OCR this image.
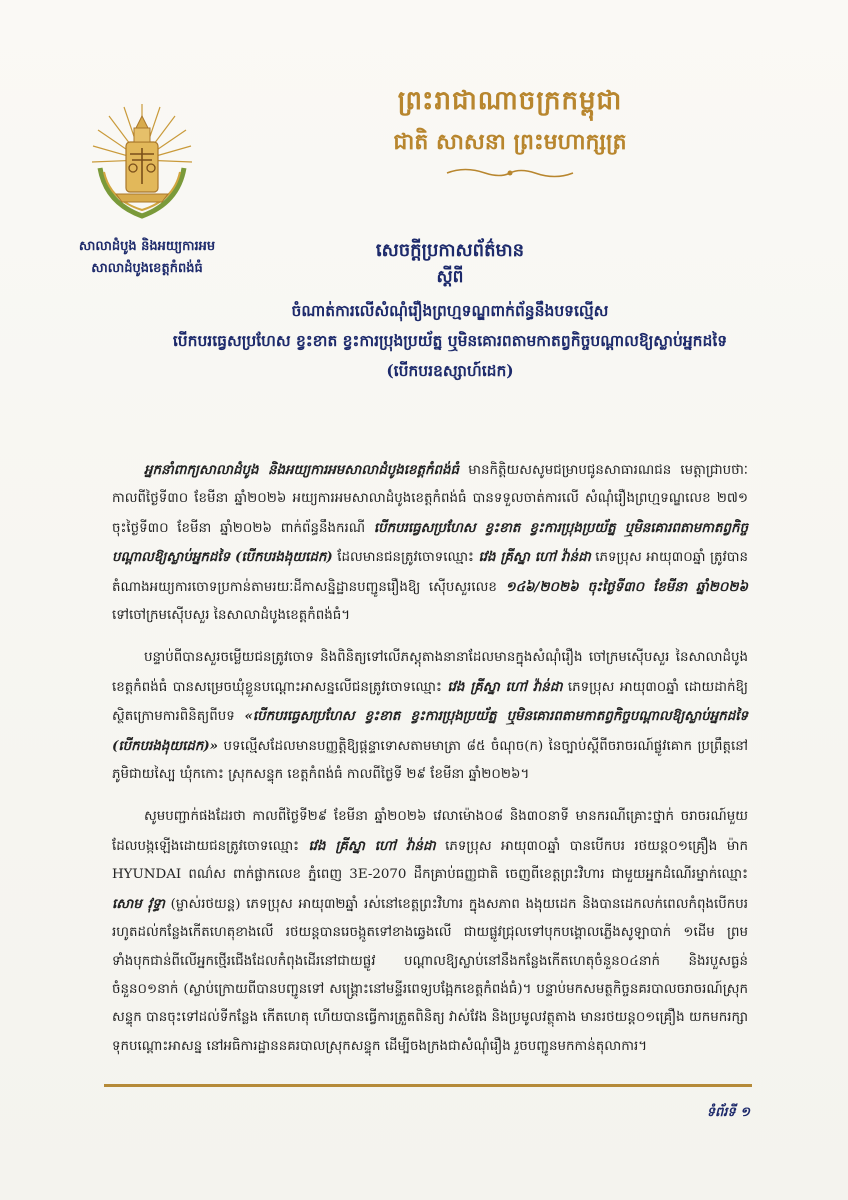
សាលាដំបូង និងអយ្យការអម
សាលាដំបូងខេត្តកំពង់ធំ
ព្រះរាជាណាចក្រកម្ពុជា
ជាតិ សាសនា ព្រះមហាក្សត្រ
សេចក្ដីប្រកាសព័ត៌មាន
ស្ដីពី
ចំណាត់ការលើសំណុំរឿងព្រហ្មទណ្ឌពាក់ព័ន្ធនឹងបទល្មើស
បើកបរធ្វេសប្រហែស ខ្វះខាត ខ្វះការប្រុងប្រយ័ត្ន ឬមិនគោរពតាមកាតព្វកិច្ចបណ្ដាលឱ្យស្លាប់អ្នកដទៃ
(បើកបរឧស្សាហ៍ដេក)

អ្នកនាំពាក្យសាលាដំបូង និងអយ្យការអមសាលាដំបូងខេត្តកំពង់ធំ មានកិត្តិយសសូមជម្រាបជូនសាធារណជន មេត្តាជ្រាបថាៈ កាលពីថ្ងៃទី៣០ ខែមីនា ឆ្នាំ២០២៦ អយ្យការអមសាលាដំបូងខេត្តកំពង់ធំ បានទទួលចាត់ការលើ សំណុំរឿងព្រហ្មទណ្ឌលេខ ២៧១ ចុះថ្ងៃទី៣០ ខែមីនា ឆ្នាំ២០២៦ ពាក់ព័ន្ធនឹងករណី បើកបរធ្វេសប្រហែស ខ្វះខាត ខ្វះការប្រុងប្រយ័ត្ន ឬមិនគោរពតាមកាតព្វកិច្ចបណ្ដាលឱ្យស្លាប់អ្នកដទៃ (បើកបរងងុយដេក) ដែលមានជនត្រូវចោទឈ្មោះ វេង គ្រីស្នា ហៅ វ៉ាន់ដា ភេទប្រុស អាយុ៣០ឆ្នាំ ត្រូវបានតំណាងអយ្យការចោទប្រកាន់តាមរយៈដីកាសន្និដ្ឋានបញ្ជូនរឿងឱ្យ ស៊ើបសួរលេខ ១៤៦/២០២៦ ចុះថ្ងៃទី៣០ ខែមីនា ឆ្នាំ២០២៦ ទៅចៅក្រមស៊ើបសួរ នៃសាលាដំបូងខេត្តកំពង់ធំ។

បន្ទាប់ពីបានសួរចម្លើយជនត្រូវចោទ និងពិនិត្យទៅលើភស្តុតាងនានាដែលមានក្នុងសំណុំរឿង ចៅក្រមស៊ើបសួរ នៃសាលាដំបូងខេត្តកំពង់ធំ បានសម្រេចឃុំខ្លួនបណ្ដោះអាសន្នលើជនត្រូវចោទឈ្មោះ វេង គ្រីស្នា ហៅ វ៉ាន់ដា ភេទប្រុស អាយុ៣០ឆ្នាំ ដោយដាក់ឱ្យស្ថិតក្រោមការពិនិត្យពីបទ «បើកបរធ្វេសប្រហែស ខ្វះខាត ខ្វះការប្រុងប្រយ័ត្ន ឬមិនគោរពតាមកាតព្វកិច្ចបណ្ដាលឱ្យស្លាប់អ្នកដទៃ (បើកបរងងុយដេក)» បទល្មើសដែលមានបញ្ញត្តិឱ្យផ្ដន្ទាទោសតាមមាត្រា ៨៥ ចំណុច(ក) នៃច្បាប់ស្ដីពីចរាចរណ៍ផ្លូវគោក ប្រព្រឹត្តនៅភូមិជាយស្បៃ ឃុំកកោះ ស្រុកសន្ទុក ខេត្តកំពង់ធំ កាលពីថ្ងៃទី ២៩ ខែមីនា ឆ្នាំ២០២៦។

សូមបញ្ជាក់ផងដែរថា កាលពីថ្ងៃទី២៩ ខែមីនា ឆ្នាំ២០២៦ វេលាម៉ោង០៨ និង៣០នាទី មានករណីគ្រោះថ្នាក់ ចរាចរណ៍មួយ ដែលបង្កឡើងដោយជនត្រូវចោទឈ្មោះ វេង គ្រីស្នា ហៅ វ៉ាន់ដា ភេទប្រុស អាយុ៣០ឆ្នាំ បានបើកបរ រថយន្ត០១គ្រឿង ម៉ាក HYUNDAI ពណ៌ស ពាក់ផ្លាកលេខ ភ្នំពេញ 3E-2070 ដឹកគ្រាប់ធញ្ញជាតិ ចេញពីខេត្តព្រះវិហារ ជាមួយអ្នកដំណើរម្នាក់ឈ្មោះ សោម វុទ្ធា (ម្ចាស់រថយន្ត) ភេទប្រុស អាយុ៣២ឆ្នាំ រស់នៅខេត្តព្រះវិហារ ក្នុងសភាព ងងុយដេក និងបានដេកលក់ពេលកំពុងបើកបរ រហូតដល់កន្លែងកើតហេតុខាងលើ រថយន្តបានរេចង្កូតទៅខាងឆ្វេងលើ ជាយផ្លូវជ្រុលទៅបុកបង្គោលភ្លើងសូឡាបាក់ ១ដើម ព្រមទាំងបុកជាន់ពីលើអ្នកថ្មើរជើងដែលកំពុងដើរនៅជាយផ្លូវ បណ្ដាលឱ្យស្លាប់នៅនឹងកន្លែងកើតហេតុចំនួន០៤នាក់ និងរបួសធ្ងន់ ចំនួន០១នាក់ (ស្លាប់ក្រោយពីបានបញ្ជូនទៅ សង្គ្រោះនៅមន្ទីរពេទ្យបង្អែកខេត្តកំពង់ធំ)។ បន្ទាប់មកសមត្ថកិច្ចនគរបាលចរាចរណ៍ស្រុកសន្ទុក បានចុះទៅដល់ទីកន្លែង កើតហេតុ ហើយបានធ្វើការត្រួតពិនិត្យ វាស់វែង និងប្រមូលវត្ថុតាង មានរថយន្ត០១គ្រឿង យកមករក្សាទុកបណ្ដោះអាសន្ន នៅអធិការដ្ឋាននគរបាលស្រុកសន្ទុក ដើម្បីចងក្រងជាសំណុំរឿង រួចបញ្ជូនមកកាន់តុលាការ។

ទំព័រទី ១
